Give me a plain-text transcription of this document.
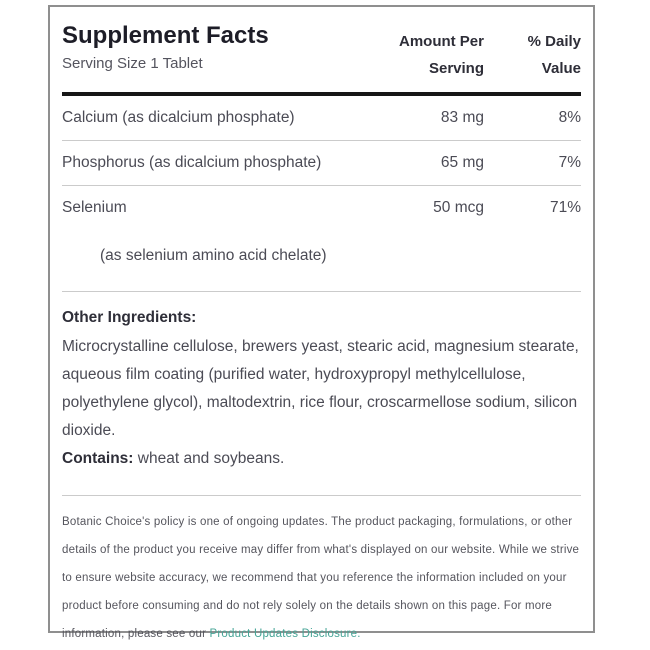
Supplement Facts
Serving Size 1 Tablet
Amount Per
Serving
% Daily
Value
Calcium (as dicalcium phosphate)	83 mg	8%
Phosphorus (as dicalcium phosphate)	65 mg	7%
Selenium	50 mcg	71%
(as selenium amino acid chelate)
Other Ingredients:
Microcrystalline cellulose, brewers yeast, stearic acid, magnesium stearate, aqueous film coating (purified water, hydroxypropyl methylcellulose, polyethylene glycol), maltodextrin, rice flour, croscarmellose sodium, silicon dioxide.
Contains: wheat and soybeans.
Botanic Choice's policy is one of ongoing updates. The product packaging, formulations, or other details of the product you receive may differ from what's displayed on our website. While we strive to ensure website accuracy, we recommend that you reference the information included on your product before consuming and do not rely solely on the details shown on this page. For more information, please see our Product Updates Disclosure.
